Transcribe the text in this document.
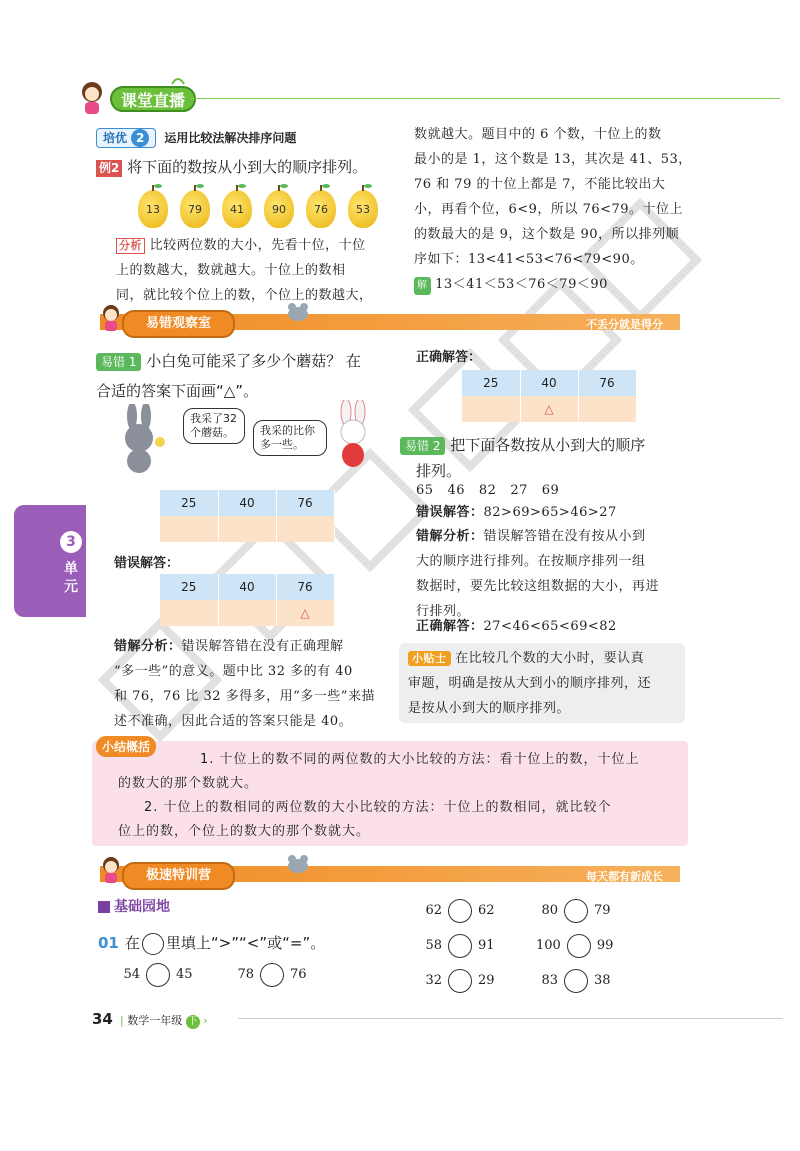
课堂直播
培优 2 运用比较法解决排序问题
例2 将下面的数按从小到大的顺序排列。
13	79	41	90	76	53
分析 比较两位数的大小，先看十位，十位
上的数越大，数就越大。十位上的数相
同，就比较个位上的数，个位上的数越大，
数就越大。题目中的 6 个数，十位上的数
最小的是 1，这个数是 13，其次是 41、53，
76 和 79 的十位上都是 7，不能比较出大
小，再看个位，6<9，所以 76<79。十位上
的数最大的是 9，这个数是 90，所以排列顺
序如下：13<41<53<76<79<90。
解 13＜41＜53＜76＜79＜90
易错观察室	不丢分就是得分
易错 1 小白兔可能采了多少个蘑菇？ 在
合适的答案下面画“△”。
我采了32个蘑菇。	我采的比你多一些。
25	40	76

错误解答：
25	40	76
		△
错解分析：错误解答错在没有正确理解
“多一些”的意义。题中比 32 多的有 40
和 76，76 比 32 多得多，用“多一些”来描
述不准确，因此合适的答案只能是 40。
正确解答：
25	40	76
	△	
易错 2 把下面各数按从小到大的顺序
排列。
65   46   82   27   69
错误解答：82>69>65>46>27
错解分析：错误解答错在没有按从小到
大的顺序进行排列。在按顺序排列一组
数据时，要先比较这组数据的大小，再进
行排列。
正确解答：27<46<65<69<82
小贴士 在比较几个数的大小时，要认真
审题，明确是按从大到小的顺序排列，还
是按从小到大的顺序排列。
3
单元
小结概括
1. 十位上的数不同的两位数的大小比较的方法：看十位上的数，十位上
的数大的那个数就大。
2. 十位上的数相同的两位数的大小比较的方法：十位上的数相同，就比较个
位上的数，个位上的数大的那个数就大。
极速特训营	每天都有新成长
基础园地
01 在 里填上“>”“<”或“=”。
54	45	78	76
62	62	80	79
58	91	100	99
32	29	83	38
34 | 数学一年级 下 ›
